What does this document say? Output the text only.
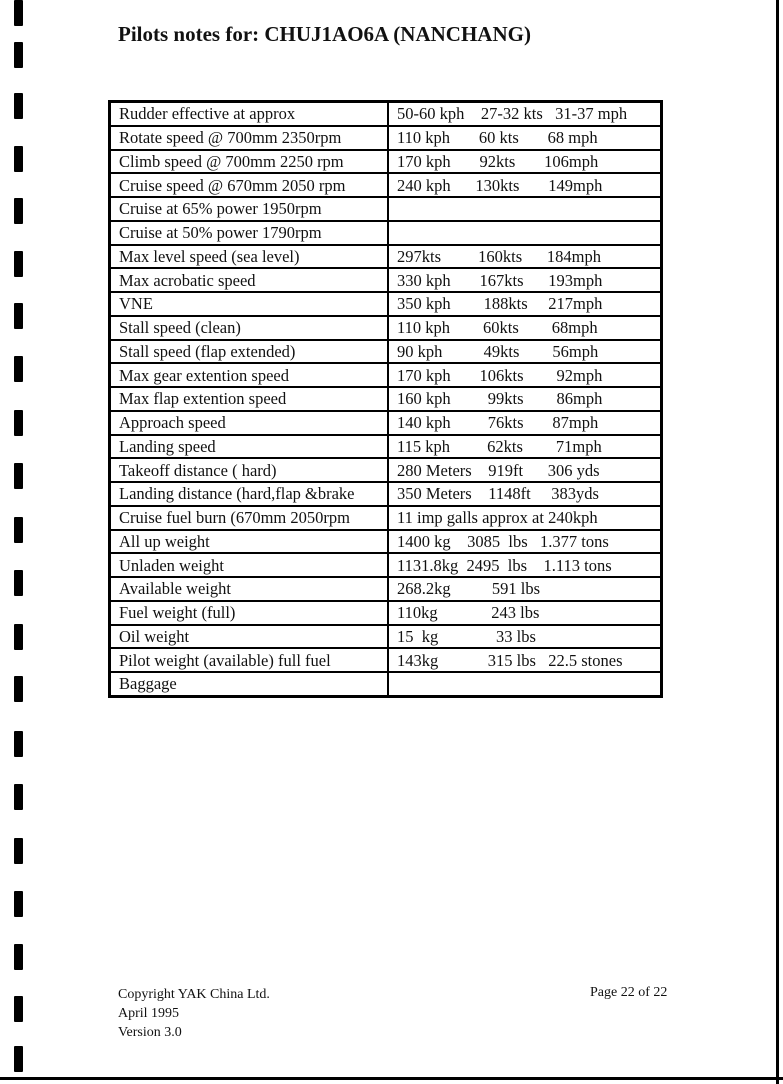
Pilots notes for: CHUJ1AO6A (NANCHANG)
Rudder effective at approx	50-60 kph    27-32 kts   31-37 mph
Rotate speed @ 700mm 2350rpm	110 kph       60 kts       68 mph
Climb speed @ 700mm 2250 rpm	170 kph       92kts       106mph
Cruise speed @ 670mm 2050 rpm	240 kph      130kts       149mph
Cruise at 65% power 1950rpm	
Cruise at 50% power 1790rpm	
Max level speed (sea level)	297kts         160kts      184mph
Max acrobatic speed	330 kph       167kts      193mph
VNE	350 kph        188kts     217mph
Stall speed (clean)	110 kph        60kts        68mph
Stall speed (flap extended)	90 kph          49kts        56mph
Max gear extention speed	170 kph       106kts        92mph
Max flap extention speed	160 kph         99kts        86mph
Approach speed	140 kph         76kts       87mph
Landing speed	115 kph         62kts        71mph
Takeoff distance ( hard)	280 Meters    919ft      306 yds
Landing distance (hard,flap &brake	350 Meters    1148ft     383yds
Cruise fuel burn (670mm 2050rpm	11 imp galls approx at 240kph
All up weight	1400 kg    3085  lbs   1.377 tons
Unladen weight	1131.8kg  2495  lbs    1.113 tons
Available weight	268.2kg          591 lbs
Fuel weight (full)	110kg             243 lbs
Oil weight	15  kg              33 lbs
Pilot weight (available) full fuel	143kg            315 lbs   22.5 stones
Baggage	
Copyright YAK China Ltd.
April 1995
Version 3.0
Page 22 of 22
